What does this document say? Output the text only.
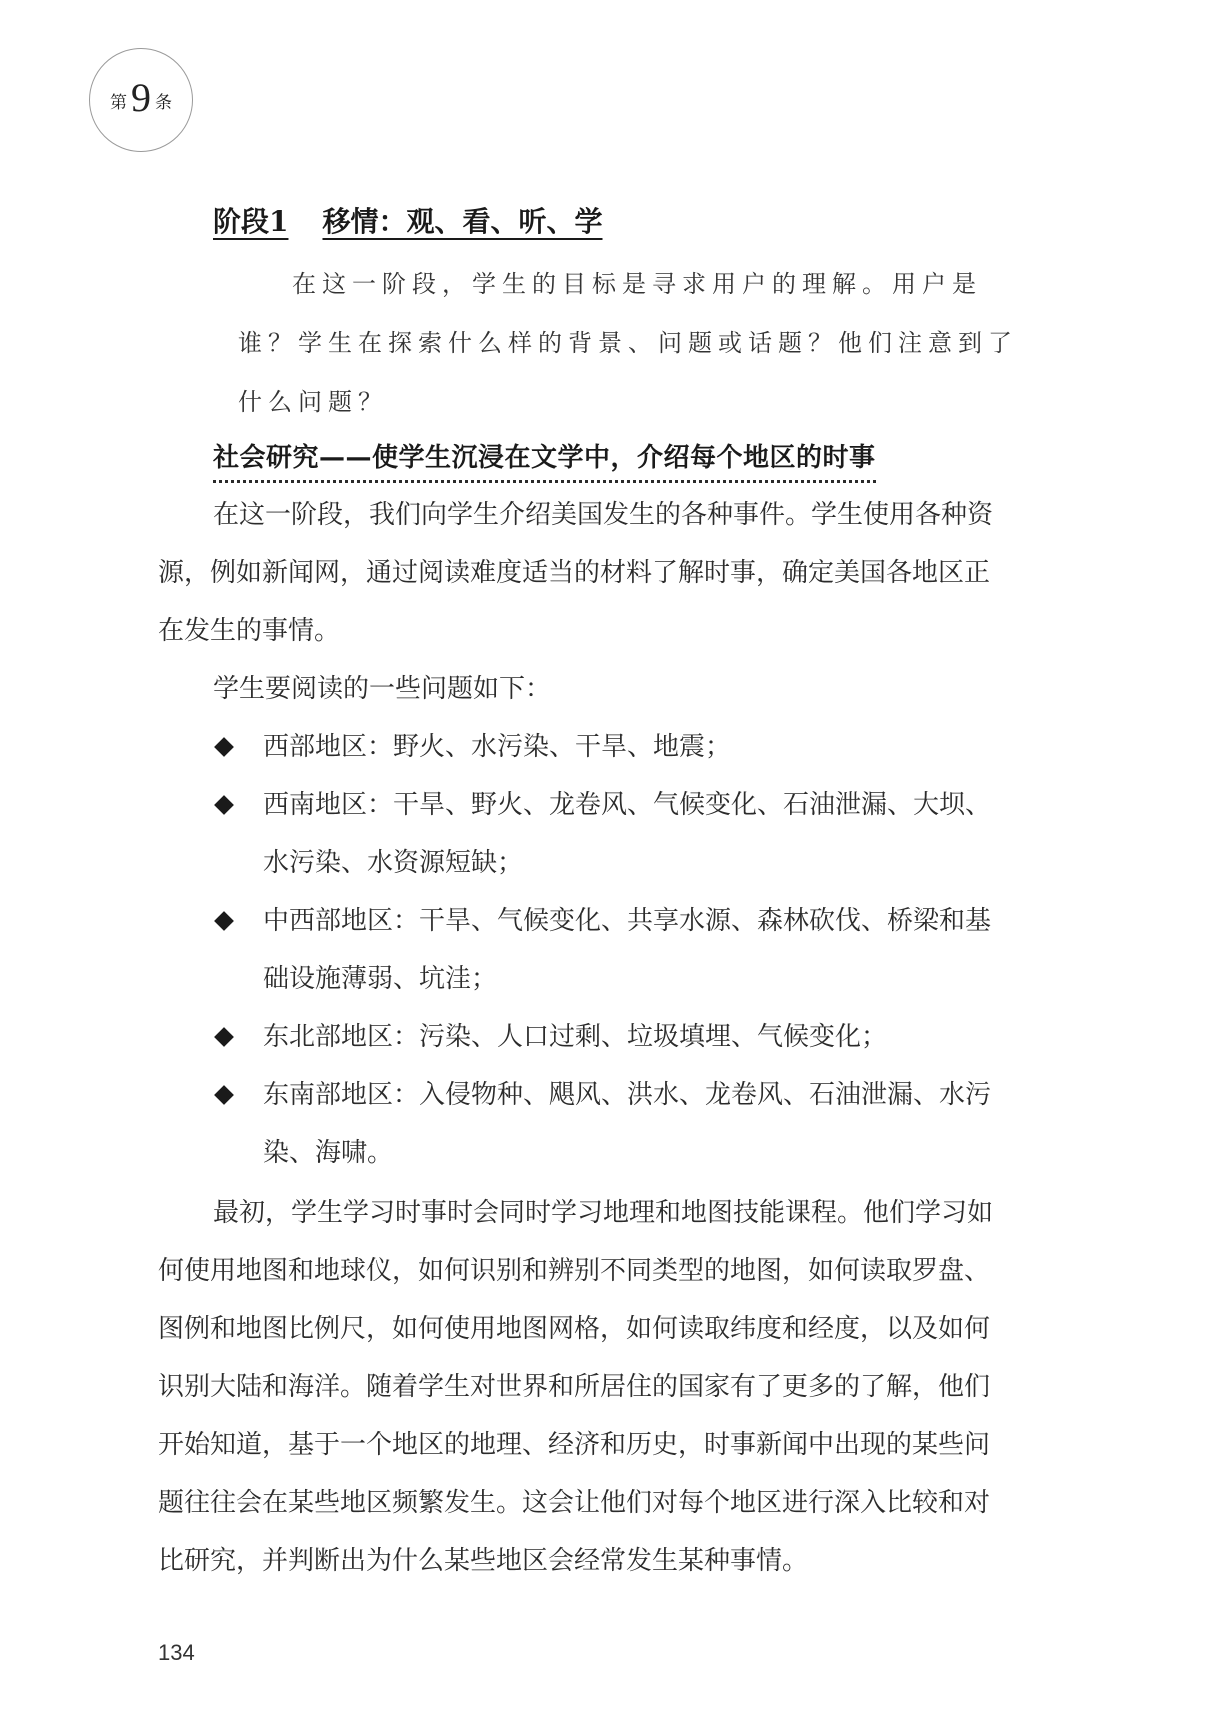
第 9 条
阶段1 移情：观、看、听、学

在这一阶段，学生的目标是寻求用户的理解。用户是

谁？学生在探索什么样的背景、问题或话题？他们注意到了

什么问题？

社会研究——使学生沉浸在文学中，介绍每个地区的时事

在这一阶段，我们向学生介绍美国发生的各种事件。学生使用各种资

源，例如新闻网，通过阅读难度适当的材料了解时事，确定美国各地区正

在发生的事情。

学生要阅读的一些问题如下：

西部地区：野火、水污染、干旱、地震；
西南地区：干旱、野火、龙卷风、气候变化、石油泄漏、大坝、
水污染、水资源短缺；
中西部地区：干旱、气候变化、共享水源、森林砍伐、桥梁和基
础设施薄弱、坑洼；
东北部地区：污染、人口过剩、垃圾填埋、气候变化；
东南部地区：入侵物种、飓风、洪水、龙卷风、石油泄漏、水污
染、海啸。

最初，学生学习时事时会同时学习地理和地图技能课程。他们学习如

何使用地图和地球仪，如何识别和辨别不同类型的地图，如何读取罗盘、

图例和地图比例尺，如何使用地图网格，如何读取纬度和经度，以及如何

识别大陆和海洋。随着学生对世界和所居住的国家有了更多的了解，他们

开始知道，基于一个地区的地理、经济和历史，时事新闻中出现的某些问

题往往会在某些地区频繁发生。这会让他们对每个地区进行深入比较和对

比研究，并判断出为什么某些地区会经常发生某种事情。

134
